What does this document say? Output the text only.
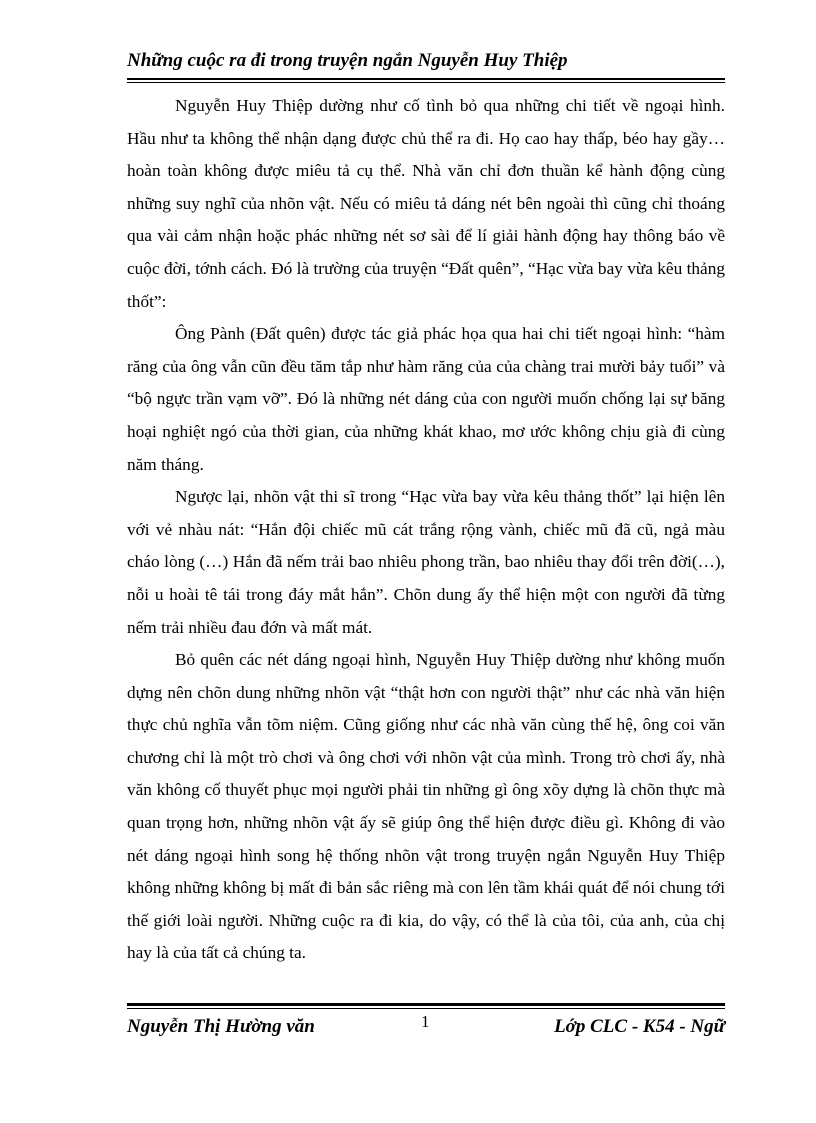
Những cuộc ra đi trong truyện ngắn Nguyễn Huy Thiệp

Nguyễn Huy Thiệp dường như cố tình bỏ qua những chi tiết về ngoại hình. Hầu như ta không thể nhận dạng được chủ thể ra đi. Họ cao hay thấp, béo hay gầy…hoàn toàn không được miêu tả cụ thể. Nhà văn chỉ đơn thuần kể hành động cùng những suy nghĩ của nhõn vật. Nếu có miêu tả dáng nét bên ngoài thì cũng chỉ thoáng qua vài cảm nhận hoặc phác những nét sơ sài để lí giải hành động hay thông báo về cuộc đời, tớnh cách. Đó là trường của truyện “Đất quên”, “Hạc vừa bay vừa kêu thảng thốt”:

Ông Pành (Đất quên) được tác giả phác họa qua hai chi tiết ngoại hình: “hàm răng của ông vẫn cũn đều tăm tắp như hàm răng của của chàng trai mười bảy tuổi” và “bộ ngực trần vạm vỡ”. Đó là những nét dáng của con người muốn chống lại sự băng hoại nghiệt ngó của thời gian, của những khát khao, mơ ước không chịu già đi cùng năm tháng.

Ngược lại, nhõn vật thi sĩ trong “Hạc vừa bay vừa kêu thảng thốt” lại hiện lên với vẻ nhàu nát: “Hắn đội chiếc mũ cát trắng rộng vành, chiếc mũ đã cũ, ngả màu cháo lòng (…) Hắn đã nếm trải bao nhiêu phong trần, bao nhiêu thay đổi trên đời(…), nỗi u hoài tê tái trong đáy mắt hắn”. Chõn dung ấy thể hiện một con người đã từng nếm trải nhiều đau đớn và mất mát.

Bỏ quên các nét dáng ngoại hình, Nguyễn Huy Thiệp dường như không muốn dựng nên chõn dung những nhõn vật “thật hơn con người thật” như các nhà văn hiện thực chủ nghĩa vẫn tõm niệm. Cũng giống như các nhà văn cùng thế hệ, ông coi văn chương chỉ là một trò chơi và ông chơi với nhõn vật của mình. Trong trò chơi ấy, nhà văn không cố thuyết phục mọi người phải tin những gì ông xõy dựng là chõn thực mà quan trọng hơn, những nhõn vật ấy sẽ giúp ông thể hiện được điều gì. Không đi vào nét dáng ngoại hình song hệ thống nhõn vật trong truyện ngắn Nguyễn Huy Thiệp không những không bị mất đi bản sắc riêng mà con lên tầm khái quát để nói chung tới thế giới loài người. Những cuộc ra đi kia, do vậy, có thể là của tôi, của anh, của chị hay là của tất cả chúng ta.

Nguyễn Thị Hường văn	1	Lớp CLC - K54 - Ngữ
